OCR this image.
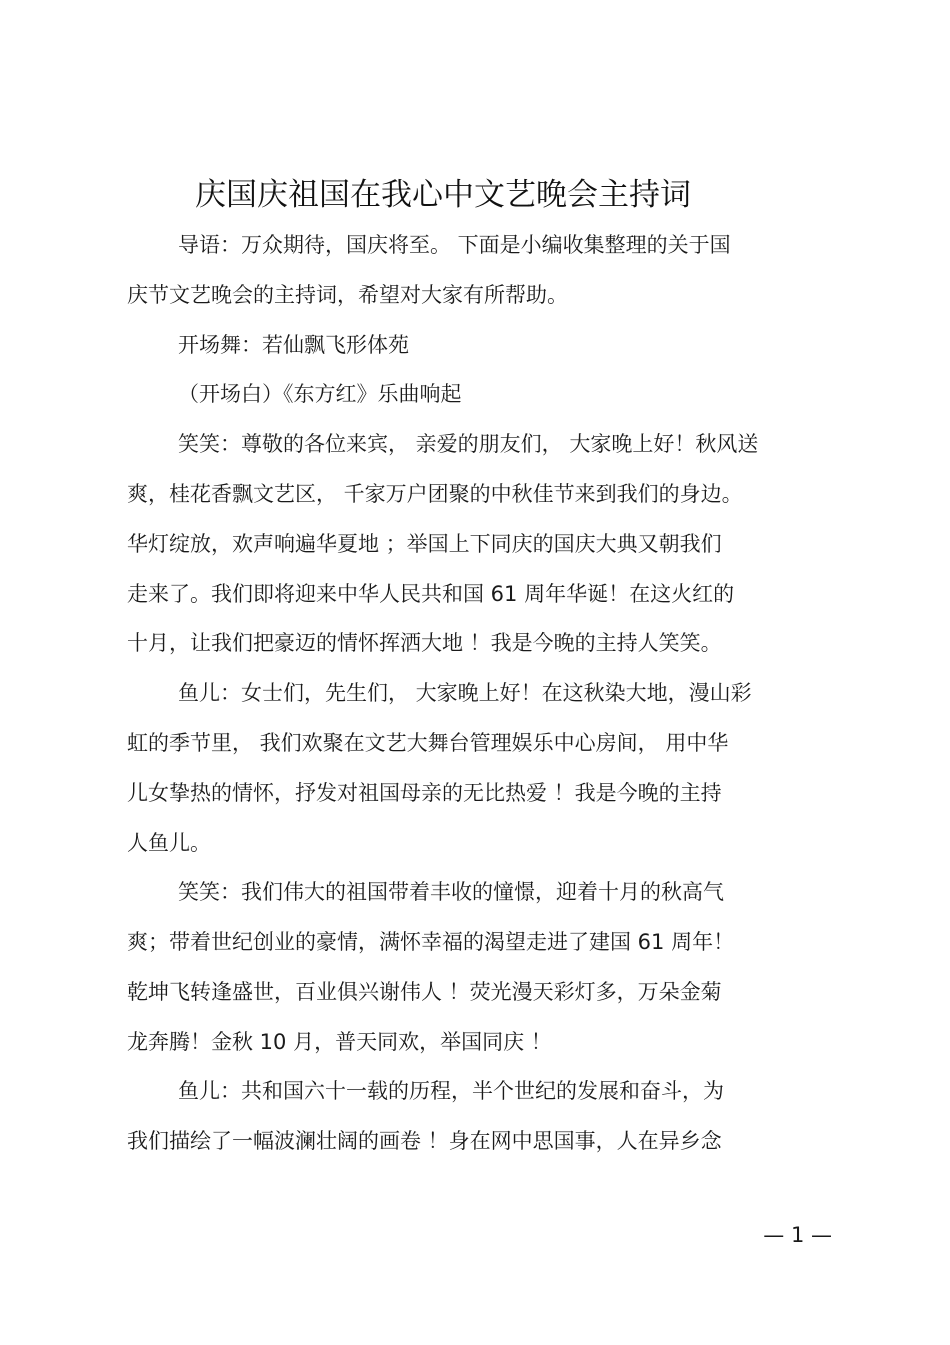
庆国庆祖国在我心中文艺晚会主持词
导语：万众期待，国庆将至。 下面是小编收集整理的关于国
庆节文艺晚会的主持词，希望对大家有所帮助。
开场舞：若仙飘飞形体苑
（开场白）《东方红》乐曲响起
笑笑：尊敬的各位来宾， 亲爱的朋友们， 大家晚上好！秋风送
爽，桂花香飘文艺区， 千家万户团聚的中秋佳节来到我们的身边。
华灯绽放，欢声响遍华夏地 ；举国上下同庆的国庆大典又朝我们
走来了。我们即将迎来中华人民共和国 61 周年华诞！在这火红的
十月，让我们把豪迈的情怀挥洒大地 ！我是今晚的主持人笑笑。
鱼儿：女士们，先生们， 大家晚上好！在这秋染大地，漫山彩
虹的季节里， 我们欢聚在文艺大舞台管理娱乐中心房间， 用中华
儿女挚热的情怀，抒发对祖国母亲的无比热爱 ！我是今晚的主持
人鱼儿。
笑笑：我们伟大的祖国带着丰收的憧憬，迎着十月的秋高气
爽；带着世纪创业的豪情，满怀幸福的渴望走进了建国 61 周年！
乾坤飞转逢盛世，百业俱兴谢伟人 ！荧光漫天彩灯多，万朵金菊
龙奔腾！金秋 10 月，普天同欢，举国同庆 ！
鱼儿：共和国六十一载的历程，半个世纪的发展和奋斗，为
我们描绘了一幅波澜壮阔的画卷 ！身在网中思国事，人在异乡念
— 1 —
